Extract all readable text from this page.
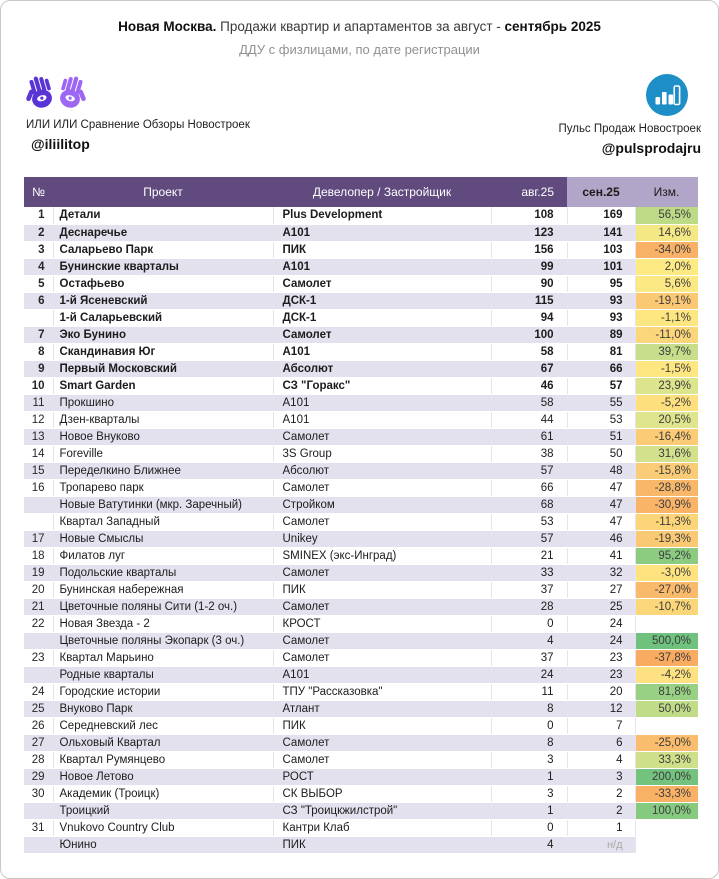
Новая Москва. Продажи квартир и апартаментов за август - сентябрь 2025
ДДУ с физлицами, по дате регистрации
ИЛИ ИЛИ Сравнение Обзоры Новостроек
@iliilitop
Пульс Продаж Новостроек
@pulsprodajru
№	Проект	Девелопер / Застройщик	авг.25	сен.25	Изм.
1	Детали	Plus Development	108	169	56,5%
2	Деснаречье	А101	123	141	14,6%
3	Саларьево Парк	ПИК	156	103	-34,0%
4	Бунинские кварталы	А101	99	101	2,0%
5	Остафьево	Самолет	90	95	5,6%
6	1-й Ясеневский	ДСК-1	115	93	-19,1%
	1-й Саларьевский	ДСК-1	94	93	-1,1%
7	Эко Бунино	Самолет	100	89	-11,0%
8	Скандинавия Юг	А101	58	81	39,7%
9	Первый Московский	Абсолют	67	66	-1,5%
10	Smart Garden	СЗ "Горакс"	46	57	23,9%
11	Прокшино	А101	58	55	-5,2%
12	Дзен-кварталы	А101	44	53	20,5%
13	Новое Внуково	Самолет	61	51	-16,4%
14	Foreville	3S Group	38	50	31,6%
15	Переделкино Ближнее	Абсолют	57	48	-15,8%
16	Тропарево парк	Самолет	66	47	-28,8%
	Новые Ватутинки (мкр. Заречный)	Стройком	68	47	-30,9%
	Квартал Западный	Самолет	53	47	-11,3%
17	Новые Смыслы	Unikey	57	46	-19,3%
18	Филатов луг	SMINEX (экс-Инград)	21	41	95,2%
19	Подольские кварталы	Самолет	33	32	-3,0%
20	Бунинская набережная	ПИК	37	27	-27,0%
21	Цветочные поляны Сити (1-2 оч.)	Самолет	28	25	-10,7%
22	Новая Звезда - 2	КРОСТ	0	24	
	Цветочные поляны Экопарк (3 оч.)	Самолет	4	24	500,0%
23	Квартал Марьино	Самолет	37	23	-37,8%
	Родные кварталы	А101	24	23	-4,2%
24	Городские истории	ТПУ "Рассказовка"	11	20	81,8%
25	Внуково Парк	Атлант	8	12	50,0%
26	Середневский лес	ПИК	0	7	
27	Ольховый Квартал	Самолет	8	6	-25,0%
28	Квартал Румянцево	Самолет	3	4	33,3%
29	Новое Летово	РОСТ	1	3	200,0%
30	Академик (Троицк)	СК ВЫБОР	3	2	-33,3%
	Троицкий	СЗ "Троицкжилстрой"	1	2	100,0%
31	Vnukovo Country Club	Кантри Клаб	0	1	
	Юнино	ПИК	4	н/д	
